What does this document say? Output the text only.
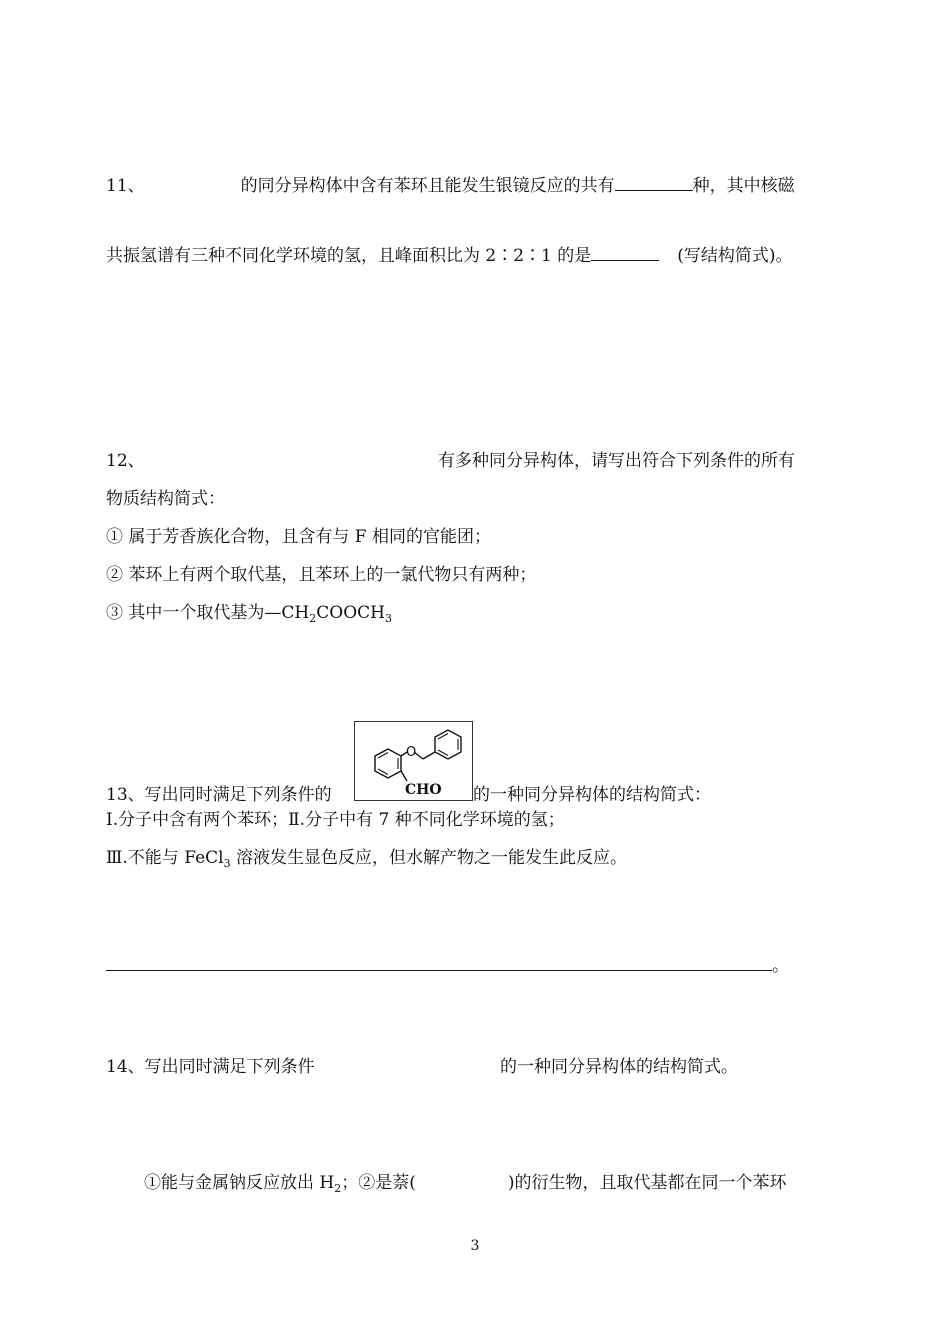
11、	的同分异构体中含有苯环且能发生银镜反应的共有	种，其中核磁
共振氢谱有三种不同化学环境的氢，且峰面积比为 2∶2∶1 的是	(写结构简式)。
12、	有多种同分异构体，请写出符合下列条件的所有
物质结构简式：
① 属于芳香族化合物，且含有与 F 相同的官能团；
② 苯环上有两个取代基，且苯环上的一氯代物只有两种；
③ 其中一个取代基为$—CH_2COOCH_3$
O
CHO
13、写出同时满足下列条件的	的一种同分异构体的结构简式：
Ⅰ.分子中含有两个苯环；Ⅱ.分子中有 7 种不同化学环境的氢；
Ⅲ.不能与 FeCl$_3$ 溶液发生显色反应，但水解产物之一能发生此反应。
。
14、写出同时满足下列条件	的一种同分异构体的结构简式。
①能与金属钠反应放出 $H_2$；②是萘(	)的衍生物，且取代基都在同一个苯环
3
